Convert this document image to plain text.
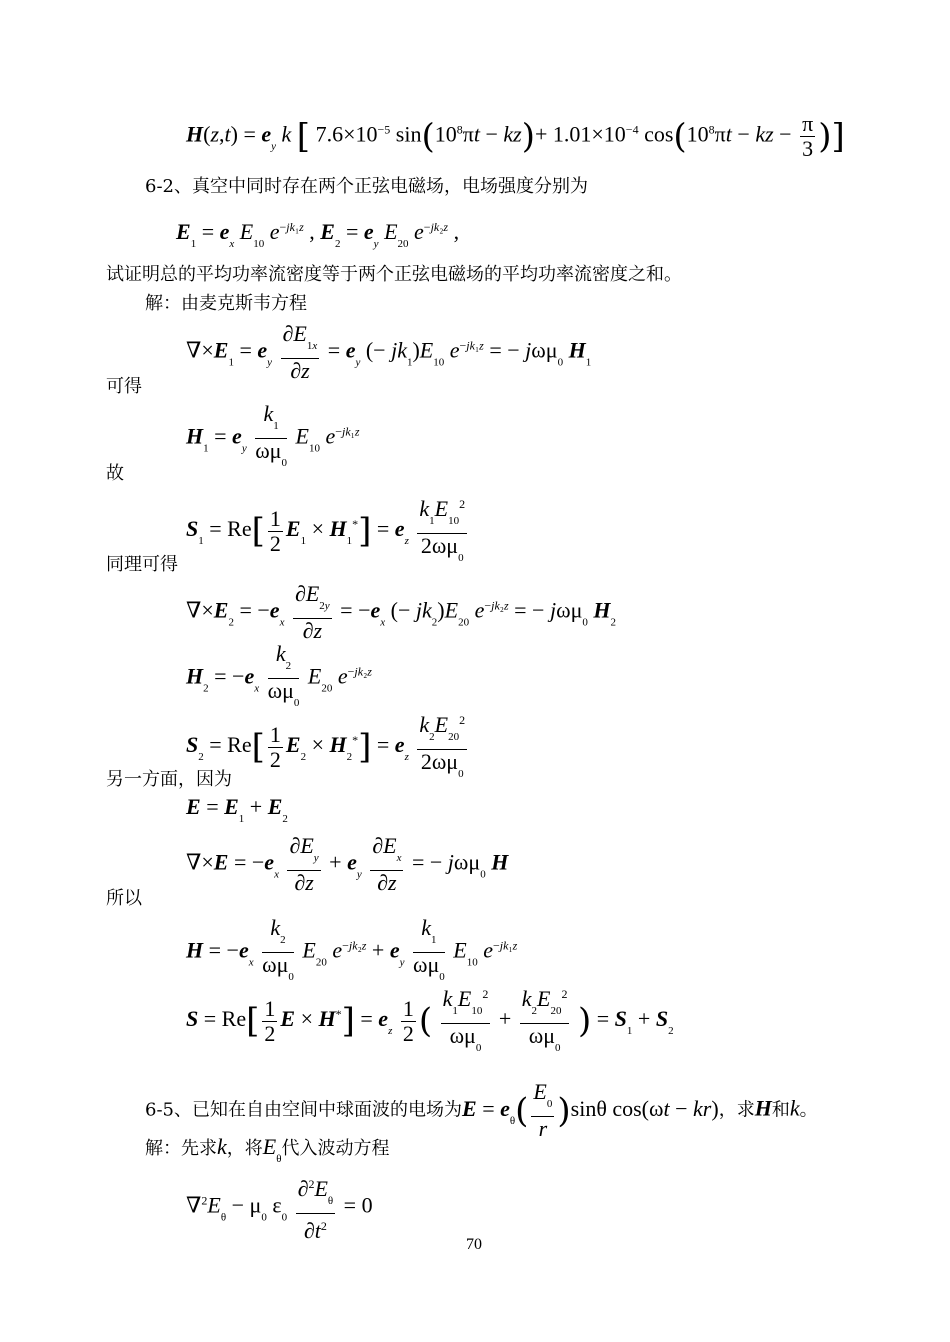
$H(z,t) = e_y$ k [ $7.6\times 10^{-5}$ $\sin(10^8\pi t - kz)+ 1.01\times 10^{-4}$ $\cos(10^8\pi t$ − kz − $\frac{\pi}{3}$ )]
6-2、真空中同时存在两个正弦电磁场，电场强度分别为
$E_1 = e_x$ $E_{10}$ $e^{-jk_1z}$ , $E_2 = e_y$ $E_{20}$ $e^{-jk_2z}$ ,
试证明总的平均功率流密度等于两个正弦电磁场的平均功率流密度之和。
解：由麦克斯韦方程
$\nabla\times E_1 = e_y \frac{\partial E_{1x}}{\partial z} = e_y$ (− $jk_1)E_{10}$ $e^{-jk_1z}$ = − jωμ$_0$ $H_1$
可得
$H_1 = e_y \frac{k_1}{\omega\mu_0} E_{10}$ $e^{-jk_1z}$
故
$S_1 = Re[ \frac{1}{2} E_1 \times H_1^*] = e_z \frac{k_1E_{10}^2}{2\omega\mu_0}$
同理可得
$\nabla\times E_2 = -e_x \frac{\partial E_{2y}}{\partial z} = -e_x$ (− $jk_2)E_{20}$ $e^{-jk_2z}$ = − jωμ$_0$ $H_2$
$H_2 = -e_x \frac{k_2}{\omega\mu_0} E_{20}$ $e^{-jk_2z}$
$S_2 = Re[ \frac{1}{2} E_2 \times H_2^*] = e_z \frac{k_2E_{20}^2}{2\omega\mu_0}$
另一方面，因为
$E = E_1 + E_2$
$\nabla\times E = -e_x \frac{\partial E_y}{\partial z} + e_y \frac{\partial E_x}{\partial z}$ = − jωμ$_0$ H
所以
$H = -e_x \frac{k_2}{\omega\mu_0} E_{20}$ $e^{-jk_2z} + e_y \frac{k_1}{\omega\mu_0} E_{10}$ $e^{-jk_1z}$
$S = Re[ \frac{1}{2}$ $E \times H^*] = e_z \frac{1}{2}$ ( $\frac{k_1E_{10}^2}{\omega\mu_0} + \frac{k_2E_{20}^2}{\omega\mu_0}$ ) = $S_1 + S_2$
6-5、已知在自由空间中球面波的电场为$E = e_\theta( \frac{E_0}{r} )\sin\theta$ cos(ωt − kr)，求H和k。
解：先求k，将$E_\theta$代入波动方程
$\nabla^2E_\theta - \mu_0$ $\varepsilon_0 \frac{\partial^2E_\theta}{\partial t^2} = 0$
70
